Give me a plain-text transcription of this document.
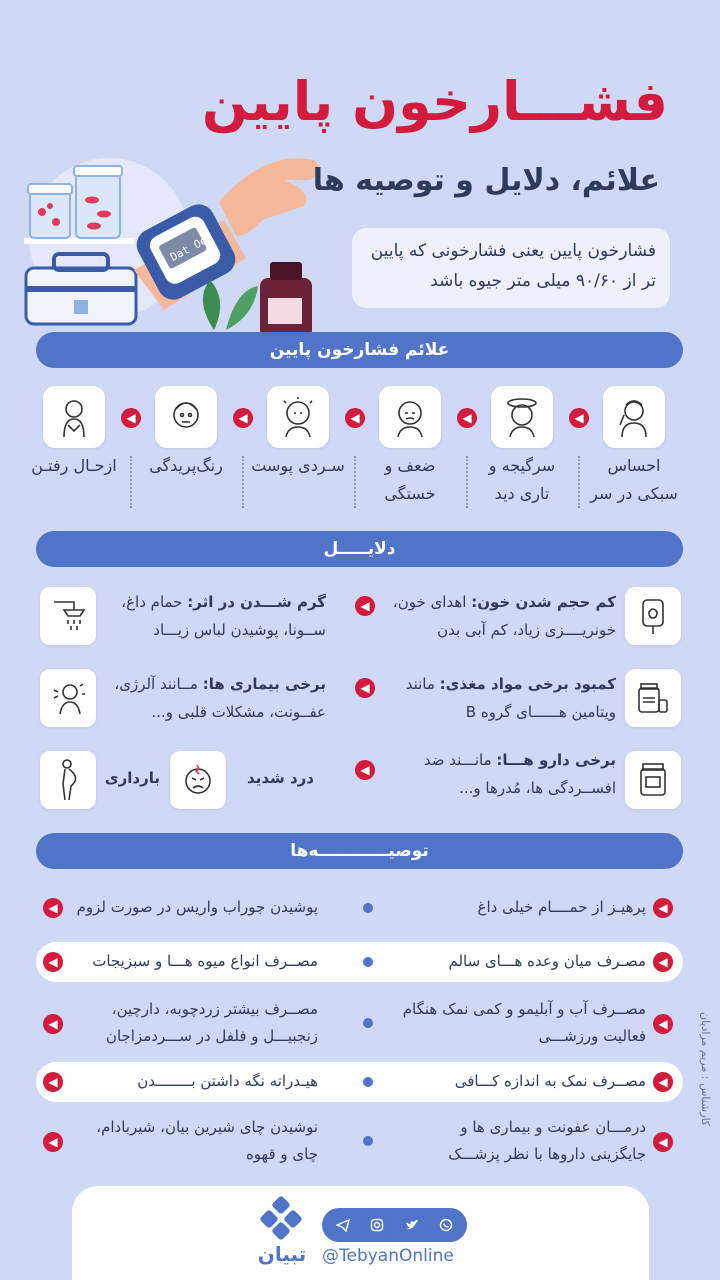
Dat Oe
فشـــارخون پایین
علائم، دلایل و توصیه ها
فشارخون پایین یعنی فشارخونی که پایین تر از ۹۰/۶۰ میلی متر جیوه باشد
علائم فشارخون پایین
احساس سبکی در سر
◀
سرگیجه و تاری دید
◀
ضعف و خستگی
◀
سـردی پوست
◀
رنگ‌پریدگی
◀
ازحـال رفتـن
دلایـــــل
◀	کم حجم شدن خون: اهدای خون، خونریــــزی زیاد، کم آبی بدن
گرم شـــدن در اثر: حمام داغ، ســونا، پوشیدن لباس زیـــاد
◀	کمبود برخی مواد مغذی: مانند ویتامین هــــــای گروه B
برخی بیماری ها: مــانند آلرژی، عفــونت، مشکلات قلبی و...
◀
برخی دارو هـــا: مانـــند ضد افســردگی ها، مُدرها و...
درد شدید
بارداری
توصیــــــــــــه‌ها
◀
پرهیـز از حمــــام خیلی داغ
پوشیدن جوراب واریس در صورت لزوم
◀
◀
مصـرف میان وعده هـــای سالم
مصــرف انواع میوه هـــا و سبزیجات
◀
◀
مصــرف آب و آبلیمو و کمی نمک هنگام فعالیت ورزشـــی
مصــرف بیشتر زردچوبه، دارچین، زنجبیـــل و فلفل در ســـردمزاجان
◀
◀
مصــرف نمک به اندازه کـــافی
هیـدراته نگه داشتن بــــــــدن
◀
◀
درمـــان عفونت و بیماری ها و جایگزینی داروها با نظر پزشـــک
نوشیدن چای شیرین بیان، شیربادام، چای و قهوه
◀
کارشناس : مریم مرادیان
تبیان @TebyanOnline
